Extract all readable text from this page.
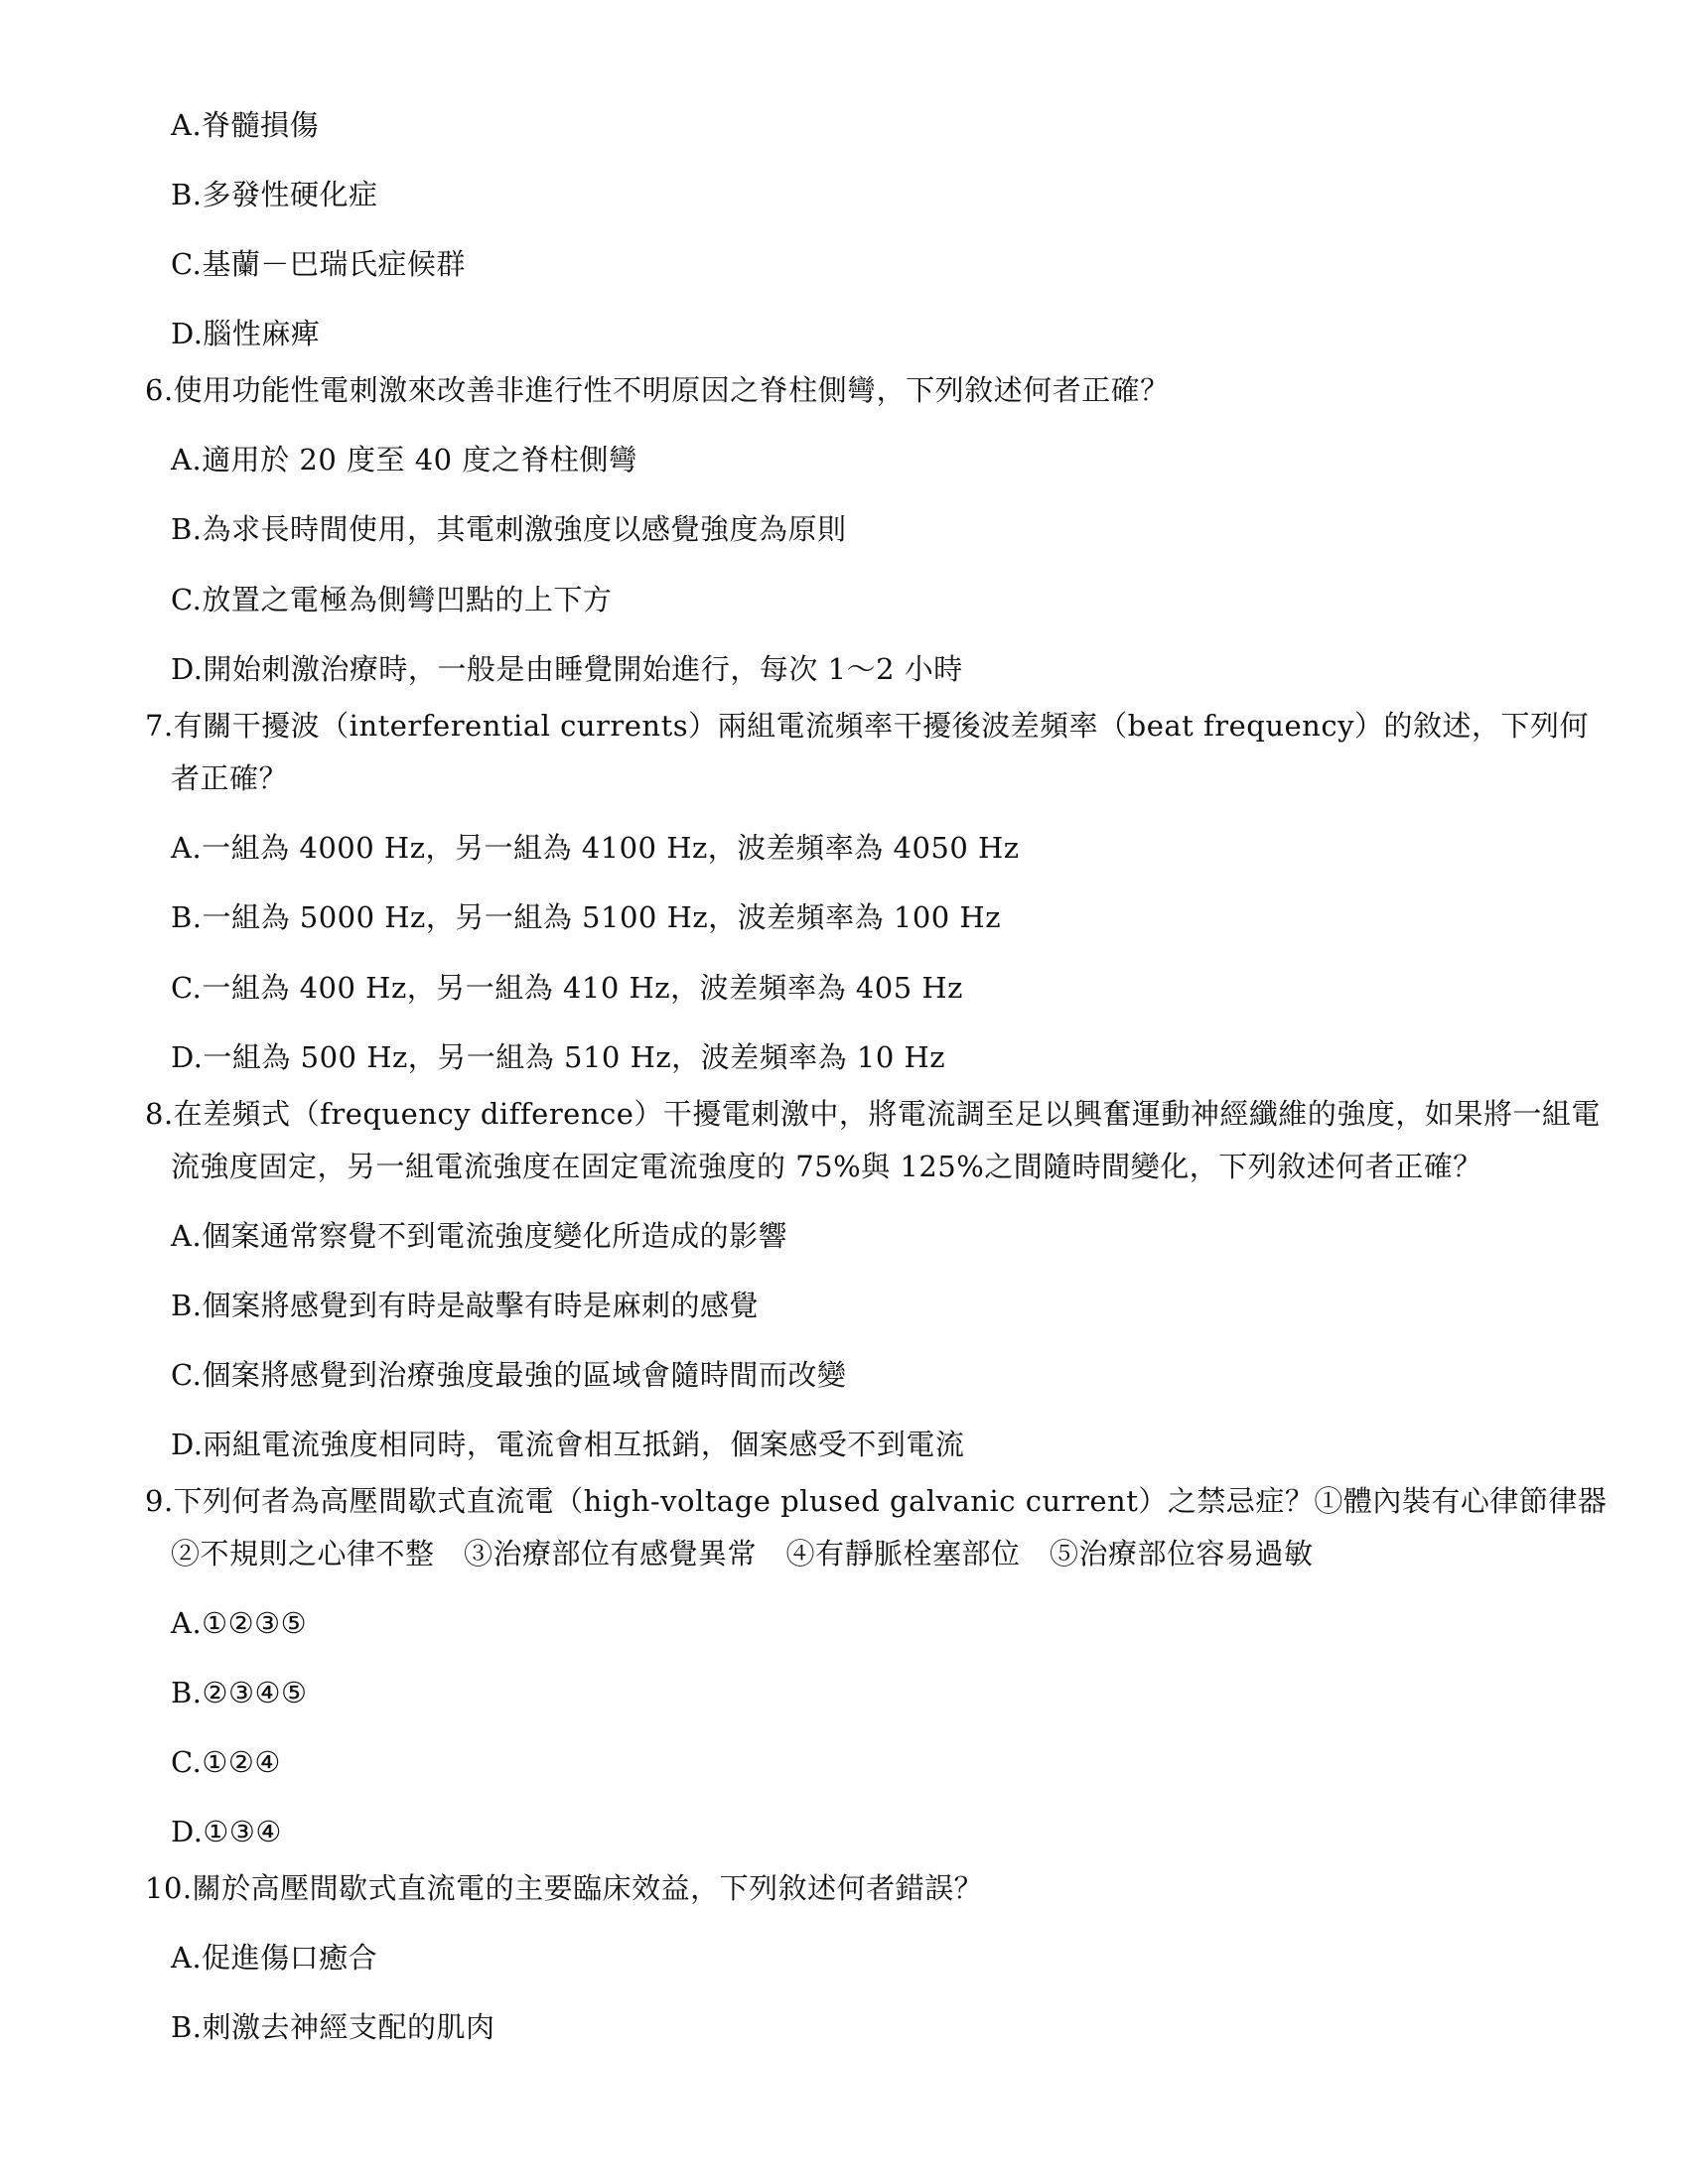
A.脊髓損傷
B.多發性硬化症
C.基蘭－巴瑞氏症候群
D.腦性麻痺
6.使用功能性電刺激來改善非進行性不明原因之脊柱側彎，下列敘述何者正確？
A.適用於 20 度至 40 度之脊柱側彎
B.為求長時間使用，其電刺激強度以感覺強度為原則
C.放置之電極為側彎凹點的上下方
D.開始刺激治療時，一般是由睡覺開始進行，每次 1～2 小時
7.有關干擾波（interferential currents）兩組電流頻率干擾後波差頻率（beat frequency）的敘述，下列何
者正確？
A.一組為 4000 Hz，另一組為 4100 Hz，波差頻率為 4050 Hz
B.一組為 5000 Hz，另一組為 5100 Hz，波差頻率為 100 Hz
C.一組為 400 Hz，另一組為 410 Hz，波差頻率為 405 Hz
D.一組為 500 Hz，另一組為 510 Hz，波差頻率為 10 Hz
8.在差頻式（frequency difference）干擾電刺激中，將電流調至足以興奮運動神經纖維的強度，如果將一組電
流強度固定，另一組電流強度在固定電流強度的 75%與 125%之間隨時間變化，下列敘述何者正確？
A.個案通常察覺不到電流強度變化所造成的影響
B.個案將感覺到有時是敲擊有時是麻刺的感覺
C.個案將感覺到治療強度最強的區域會隨時間而改變
D.兩組電流強度相同時，電流會相互抵銷，個案感受不到電流
9.下列何者為高壓間歇式直流電（high-voltage plused galvanic current）之禁忌症？①體內裝有心律節律器
②不規則之心律不整　③治療部位有感覺異常　④有靜脈栓塞部位　⑤治療部位容易過敏
A.①②③⑤
B.②③④⑤
C.①②④
D.①③④
10.關於高壓間歇式直流電的主要臨床效益，下列敘述何者錯誤？
A.促進傷口癒合
B.刺激去神經支配的肌肉
